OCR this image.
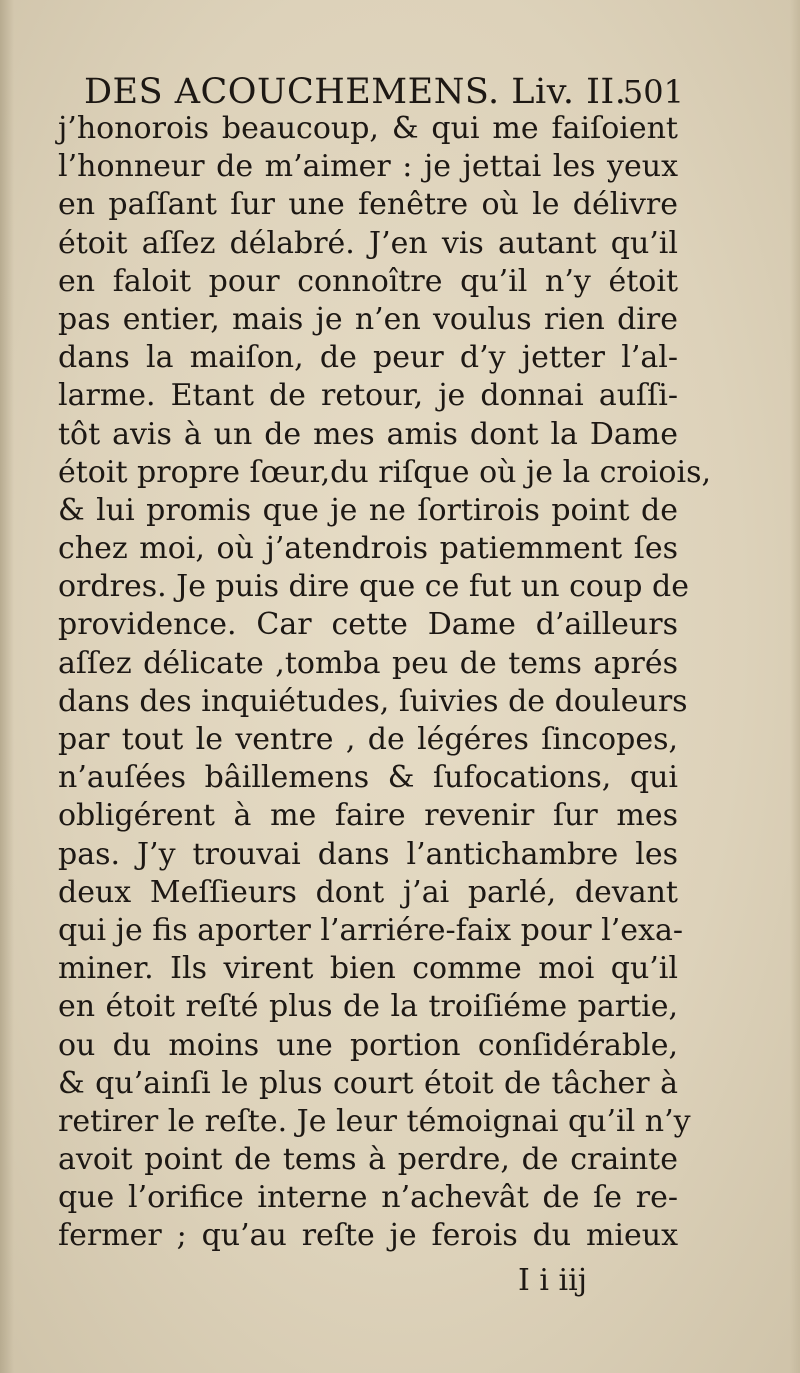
DES ACOUCHEMENS. Liv. II.
501
j’honorois beaucoup, & qui me faiſoient
l’honneur de m’aimer : je jettai les yeux
en paſſant ſur une fenêtre où le délivre
étoit aſſez délabré. J’en vis autant qu’il
en faloit pour connoître qu’il n’y étoit
pas entier, mais je n’en voulus rien dire
dans la maiſon, de peur d’y jetter l’al-
larme. Etant de retour, je donnai auſſi-
tôt avis à un de mes amis dont la Dame
étoit propre ſœur,du riſque où je la croiois,
& lui promis que je ne ſortirois point de
chez moi, où j’atendrois patiemment ſes
ordres. Je puis dire que ce fut un coup de
providence. Car cette Dame d’ailleurs
aſſez délicate ,tomba peu de tems aprés
dans des inquiétudes, ſuivies de douleurs
par tout le ventre , de légéres ſincopes,
n’auſées bâillemens & ſufocations, qui
obligérent à me faire revenir ſur mes
pas. J’y trouvai dans l’antichambre les
deux Meſſieurs dont j’ai parlé, devant
qui je fis aporter l’arriére-faix pour l’exa-
miner. Ils virent bien comme moi qu’il
en étoit reſté plus de la troiſiéme partie,
ou du moins une portion conſidérable,
& qu’ainſi le plus court étoit de tâcher à
retirer le reſte. Je leur témoignai qu’il n’y
avoit point de tems à perdre, de crainte
que l’orifice interne n’achevât de ſe re-
fermer ; qu’au reſte je ferois du mieux
I i iij
